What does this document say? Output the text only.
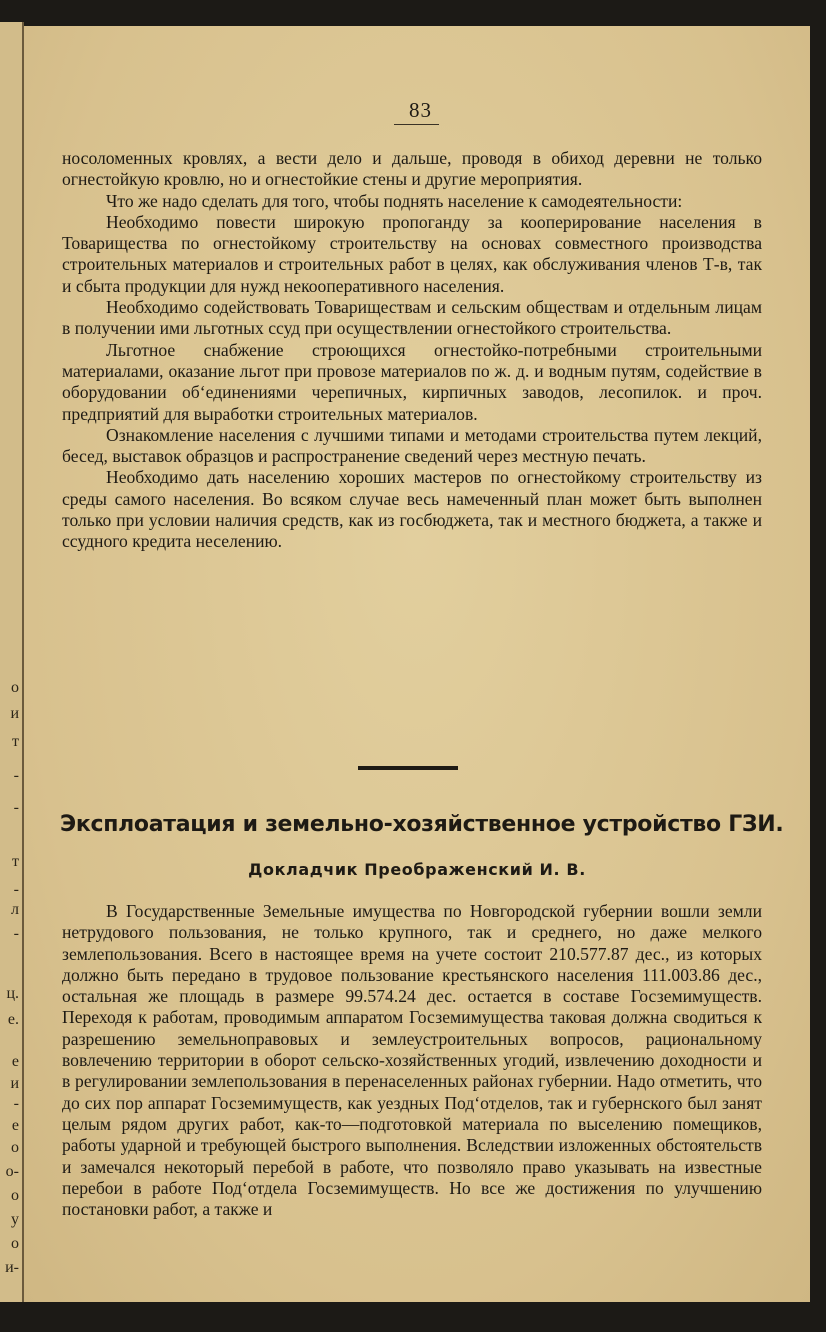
о
и
т
-
-
т
-
л
-
ц.
е.
е
и
-
е
о
о-
о
у
о
и-
83

носоломенных кровлях, а вести дело и дальше, проводя в обиход деревни не только огнестойкую кровлю, но и огнестойкие стены и другие мероприятия.

Что же надо сделать для того, чтобы поднять население к самодеятельности:

Необходимо повести широкую пропоганду за кооперирование населения в Товарищества по огнестойкому строительству на основах совместного производства строительных материалов и строительных работ в целях, как обслуживания членов Т-в, так и сбыта продукции для нужд некооперативного населения.

Необходимо содействовать Товариществам и сельским обществам и отдельным лицам в получении ими льготных ссуд при осуществлении огнестойкого строительства.

Льготное снабжение строющихся огнестойко-потребными строительными материалами, оказание льгот при провозе материалов по ж. д. и водным путям, содействие в оборудовании об‘единениями черепичных, кирпичных заводов, лесопилок. и проч. предприятий для выработки строительных материалов.

Ознакомление населения с лучшими типами и методами строительства путем лекций, бесед, выставок образцов и распространение сведений через местную печать.

Необходимо дать населению хороших мастеров по огнестойкому строительству из среды самого населения. Во всяком случае весь намеченный план может быть выполнен только при условии наличия средств, как из госбюджета, так и местного бюджета, а также и ссудного кредита неселению.

Эксплоатация и земельно-хозяйственное устройство ГЗИ.
Докладчик Преображенский И. В.

В Государственные Земельные имущества по Новгородской губернии вошли земли нетрудового пользования, не только крупного, так и среднего, но даже мелкого землепользования. Всего в настоящее время на учете состоит 210.577.87 дес., из которых должно быть передано в трудовое пользование крестьянского населения 111.003.86 дес., остальная же площадь в размере 99.574.24 дес. остается в составе Госземимуществ. Переходя к работам, проводимым аппаратом Госземимущества таковая должна сводиться к разрешению земельноправовых и землеустроительных вопросов, рациональному вовлечению территории в оборот сельско-хозяйственных угодий, извлечению доходности и в регулировании землепользования в перенаселенных районах губернии. Надо отметить, что до сих пор аппарат Госземимуществ, как уездных Под‘отделов, так и губернского был занят целым рядом других работ, как-то—подготовкой материала по выселению помещиков, работы ударной и требующей быстрого выполнения. Вследствии изложенных обстоятельств и замечался некоторый перебой в работе, что позволяло право указывать на известные перебои в работе Под‘отдела Госземимуществ. Но все же достижения по улучшению постановки работ, а также и
